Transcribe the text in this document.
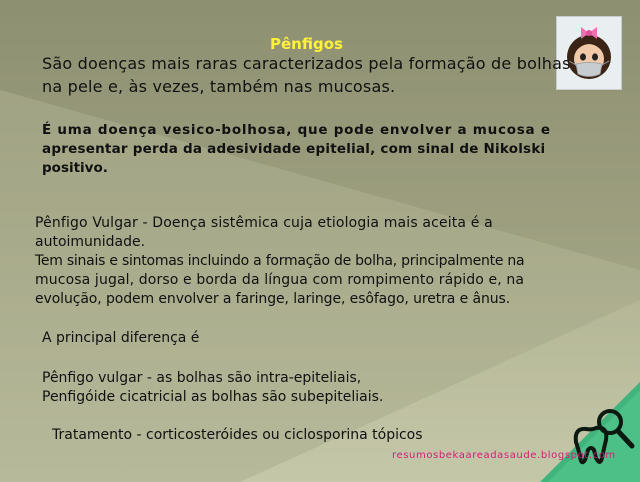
Pênfigos
São doenças mais raras caracterizados pela formação de bolhas
na pele e, às vezes, também nas mucosas.
É uma doença vesico-bolhosa, que pode envolver a mucosa e
apresentar perda da adesividade epitelial, com sinal de Nikolski
positivo.
Pênfigo Vulgar - Doença sistêmica cuja etiologia mais aceita é a
autoimunidade.
Tem sinais e sintomas incluindo a formação de bolha, principalmente na
mucosa jugal, dorso e borda da língua com rompimento rápido e, na
evolução, podem envolver a faringe, laringe, esôfago, uretra e ânus.
A principal diferença é
Pênfigo vulgar - as bolhas são intra-epiteliais,
Penfigóide cicatricial as bolhas são subepiteliais.
Tratamento - corticosteróides ou ciclosporina tópicos
resumosbekaareadasaude.blogspot.com
